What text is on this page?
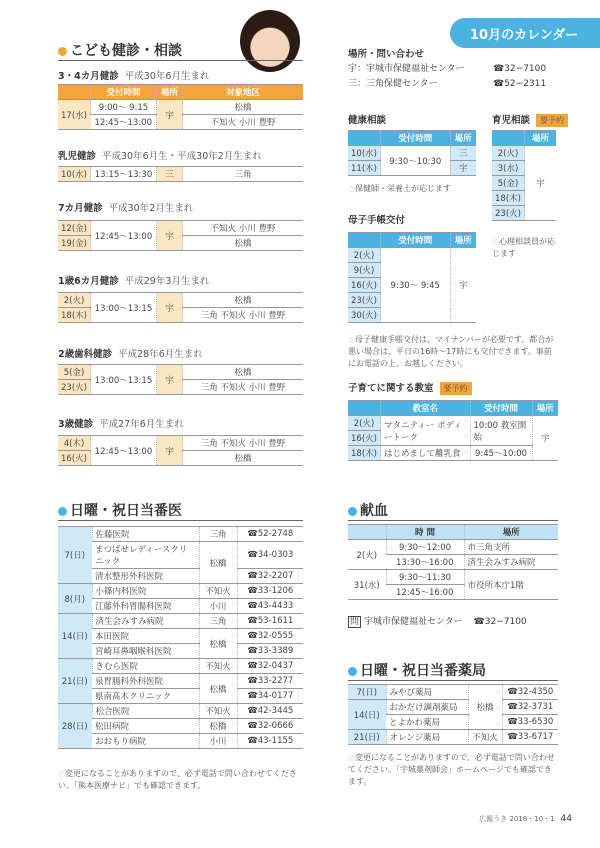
10月のカレンダー
こども健診・相談
3・4カ月健診 平成30年6月生まれ
	受付時間	場所	対象地区
17(水)	9:00〜 9:15	宇	松橋
	12:45〜13:00		不知火 小川 豊野
乳児健診 平成30年6月生・平成30年2月生まれ
10(水)	13:15〜13:30	三	三角
7カ月健診 平成30年2月生まれ
12(金)	12:45〜13:00	宇	不知火 小川 豊野
19(金)			松橋
1歳6カ月健診 平成29年3月生まれ
2(火)	13:00〜13:15	宇	松橋
18(木)			三角 不知火 小川 豊野
2歳歯科健診 平成28年6月生まれ
5(金)	13:00〜13:15	宇	松橋
23(火)			三角 不知火 小川 豊野
3歳健診 平成27年6月生まれ
4(木)	12:45〜13:00	宇	三角 不知火 小川 豊野
16(火)			松橋
場所・問い合わせ
宇：宇城市保健福祉センター	☎32−7100
三：三角保健センター	☎52−2311
健康相談
	受付時間	場所
10(水)	9:30〜10:30	三
11(木)		宇
◎ 保健師・栄養士が応じます
育児相談 要予約
	場所
2(火)	宇
3(水)	
5(金)	
18(木)	
23(火)	
◎ 心理相談員が応じます
母子手帳交付
	受付時間	場所
2(火)	9:30〜 9:45	宇
9(火)		
16(火)		
23(火)		
30(火)		
◎ 母子健康手帳交付は、マイナンバーが必要です。都合が悪い場合は、平日の16時〜17時にも交付できます。事前にお電話の上、お越しください。
子育てに関する教室 要予約
	教室名	受付時間	場所
2(火)	マタニティー ボディートーク	10:00 教室開始	宇
16(火)			
18(木)	はじめまして離乳食	9:45〜10:00	
日曜・祝日当番医
7(日)	佐藤医院	三角	☎52-2748
	まつばせレディースクリニック	松橋	☎34-0303
	清水整形外科医院		☎32-2207
8(月)	小篠内科医院	不知火	☎33-1206
	江藤外科胃腸科医院	小川	☎43-4433
14(日)	済生会みすみ病院	三角	☎53-1611
	本田医院	松橋	☎32-0555
	宮崎耳鼻咽喉科医院		☎33-3389
21(日)	きむら医院	不知火	☎32-0437
	泉胃腸科外科医院	松橋	☎33-2277
	県南髙木クリニック		☎34-0177
28(日)	松合医院	不知火	☎42-3445
	松田病院	松橋	☎32-0666
	おおもり病院	小川	☎43-1155
◎ 変更になることがありますので、必ず電話で問い合わせてください。「熊本医療ナビ」でも確認できます。
献血
	時 間	場所
2(火)	9:30〜12:00	市三角支所
	13:30〜16:00	済生会みすみ病院
31(水)	9:30〜11:30	市役所本庁1階
	12:45〜16:00	
問 宇城市保健福祉センター ☎32−7100
日曜・祝日当番薬局
7(日)	みやび薬局	松橋	☎32-4350
14(日)	おかだけ調剤薬局		☎32-3731
	とよかわ薬局		☎33-6530
21(日)	オレンジ薬局	不知火	☎33-6717
◎ 変更になることがありますので、必ず電話で問い合わせてください。「宇城薬剤師会」ホームページでも確認できます。
広報うき 2018・10・1 44
